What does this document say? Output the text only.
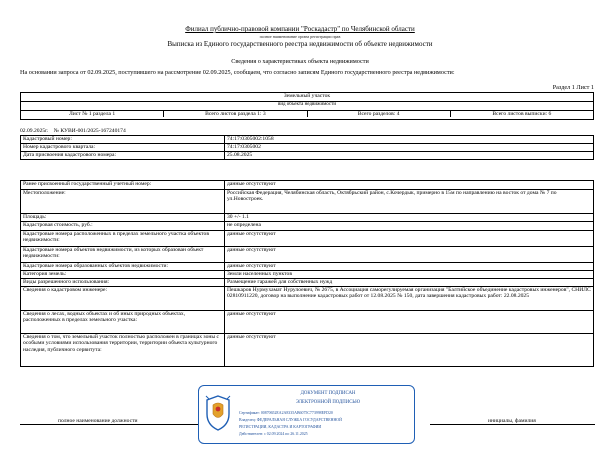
Филиал публично-правовой компании "Роскадастр" по Челябинской области
полное наименование органа регистрации прав
Выписка из Единого государственного реестра недвижимости об объекте недвижимости
Сведения о характеристиках объекта недвижимости
На основании запроса от 02.09.2025, поступившего на рассмотрение 02.09.2025, сообщаем, что согласно записям Единого государственного реестра недвижимости:
Раздел 1 Лист 1
Земельный участок
вид объекта недвижимости

Лист № 1 раздела 1	Всего листов раздела 1: 3	Всего разделов: 4	Всего листов выписки: 6
02.09.2025г. № КУВИ-001/2025-167240174
Кадастровый номер:	74:17:0305002:1058
Номер кадастрового квартала:	74:17:0305002
Дата присвоения кадастрового номера:	25.08.2025
Ранее присвоенный государственный учетный номер:	данные отсутствуют
Местоположение:	Российская Федерация, Челябинская область, Октябрьский район, с.Кочердык, примерно в 15м по направлению на восток от дома № 7 по ул.Новостроек.
Площадь:	30 +/- 1.1
Кадастровая стоимость, руб.:	не определена
Кадастровые номера расположенных в пределах земельного участка объектов недвижимости:	данные отсутствуют
Кадастровые номера объектов недвижимости, из которых образован объект недвижимости:	данные отсутствуют
Кадастровые номера образованных объектов недвижимости:	данные отсутствуют
Категория земель:	Земли населенных пунктов
Виды разрешенного использования:	Размещение гаражей для собственных нужд
Сведения о кадастровом инженере:	Пешкаров Нурмухамат Нурулоевич, № 2675, в Ассоциация саморегулируемая организация "Балтийское объединение кадастровых инженеров", СНИЛС 02810911220, договор на выполнение кадастровых работ от 12.08.2025 № 150, дата завершения кадастровых работ: 22.08.2025
Сведения о лесах, водных объектах и об иных природных объектах, расположенных в пределах земельного участка:	данные отсутствуют
Сведения о том, что земельный участок полностью расположен в границах зоны с особыми условиями использования территории, территории объекта культурного наследия, публичного сервитута:	данные отсутствуют
полное наименование должности	инициалы, фамилия
ДОКУМЕНТ ПОДПИСАН
ЭЛЕКТРОННОЙ ПОДПИСЬЮ
Сертификат: 00870652EA2A8335AB6075C773998EFD20
Владелец: ФЕДЕРАЛЬНАЯ СЛУЖБА ГОСУДАРСТВЕННОЙ
РЕГИСТРАЦИИ, КАДАСТРА И КАРТОГРАФИИ
Действителен: с 02.09.2024 по 26.11.2025
